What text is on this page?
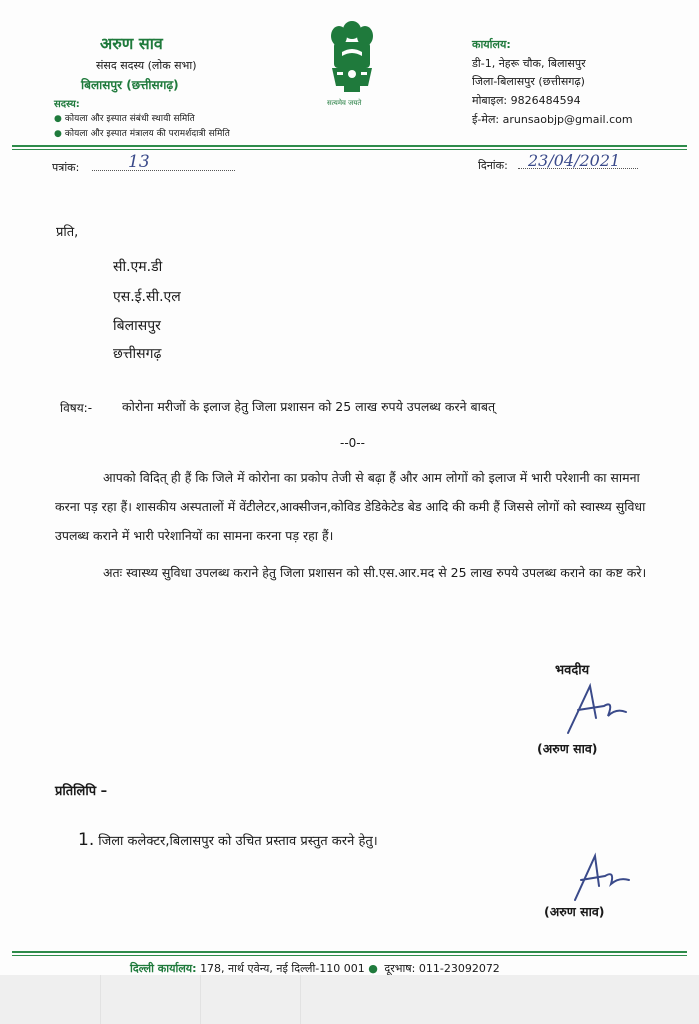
अरुण साव
संसद सदस्य (लोक सभा)
बिलासपुर (छत्तीसगढ़)
सदस्य:
● कोयला और इस्पात संबंधी स्थायी समिति
● कोयला और इस्पात मंत्रालय की परामर्शदात्री समिति
सत्यमेव जयते
कार्यालय:
डी-1, नेहरू चौक, बिलासपुर
जिला-बिलासपुर (छत्तीसगढ़)
मोबाइल: 9826484594
ई-मेल: arunsaobjp@gmail.com
पत्रांक:	13	दिनांक: 23/04/2021
प्रति,
सी.एम.डी
एस.ई.सी.एल
बिलासपुर
छत्तीसगढ़
विषय:- कोरोना मरीजों के इलाज हेतु जिला प्रशासन को 25 लाख रुपये उपलब्ध करने बाबत्
--0--
आपको विदित् ही हैं कि जिले में कोरोना का प्रकोप तेजी से बढ़ा हैं और आम लोगों को इलाज में भारी परेशानी का सामना करना पड़ रहा हैं। शासकीय अस्पतालों में वेंटीलेटर,आक्सीजन,कोविड डेडिकेटेड बेड आदि की कमी हैं जिससे लोगों को स्वास्थ्य सुविधा उपलब्ध कराने में भारी परेशानियों का सामना करना पड़ रहा हैं।
अतः स्वास्थ्य सुविधा उपलब्ध कराने हेतु जिला प्रशासन को सी.एस.आर.मद से 25 लाख रुपये उपलब्ध कराने का कष्ट करे।
भवदीय
(अरुण साव)
प्रतिलिपि –
1. जिला कलेक्टर,बिलासपुर को उचित प्रस्ताव प्रस्तुत करने हेतु।
(अरुण साव)
दिल्ली कार्यालय: 178, नार्थ एवेन्य, नई दिल्ली-110 001 ● दूरभाष: 011-23092072
